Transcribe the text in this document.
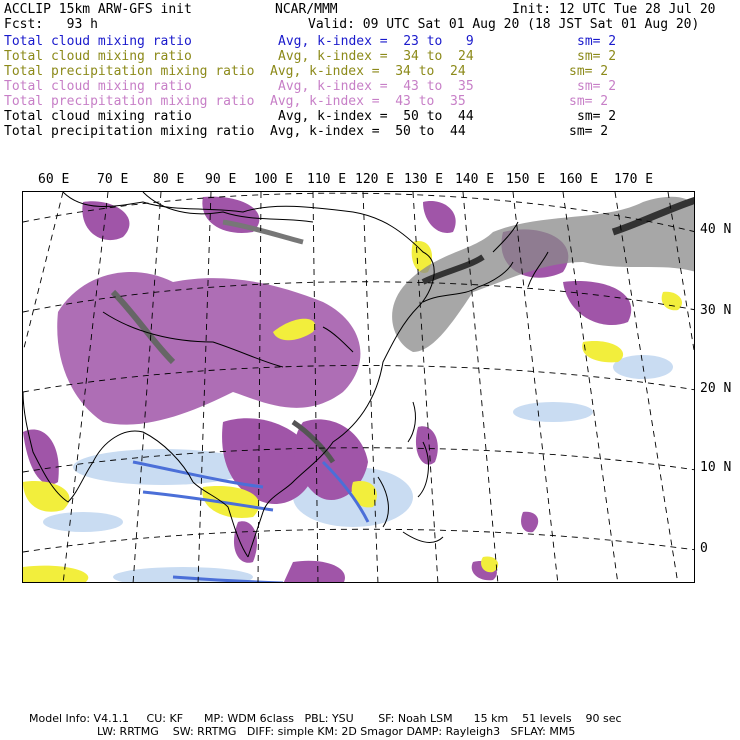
ACCLIP 15km ARW-GFS init	NCAR/MMM	Init: 12 UTC Tue 28 Jul 20
Fcst:   93 h	Valid: 09 UTC Sat 01 Aug 20 (18 JST Sat 01 Aug 20)
Total cloud mixing ratio	Avg, k-index =  23 to   9	sm= 2
Total cloud mixing ratio	Avg, k-index =  34 to  24	sm= 2
Total precipitation mixing ratio Avg, k-index =  34 to  24	sm= 2
Total cloud mixing ratio	Avg, k-index =  43 to  35	sm= 2
Total precipitation mixing ratio Avg, k-index =  43 to  35	sm= 2
Total cloud mixing ratio	Avg, k-index =  50 to  44	sm= 2
Total precipitation mixing ratio Avg, k-index =  50 to  44	sm= 2
60 E 70 E 80 E 90 E 100 E 110 E 120 E 130 E 140 E 150 E 160 E 170 E
40 N
30 N
20 N
10 N
0
Model Info: V4.1.1     CU: KF      MP: WDM 6class   PBL: YSU       SF: Noah LSM      15 km    51 levels    90 sec
LW: RRTMG    SW: RRTMG   DIFF: simple KM: 2D Smagor DAMP: Rayleigh3   SFLAY: MM5
